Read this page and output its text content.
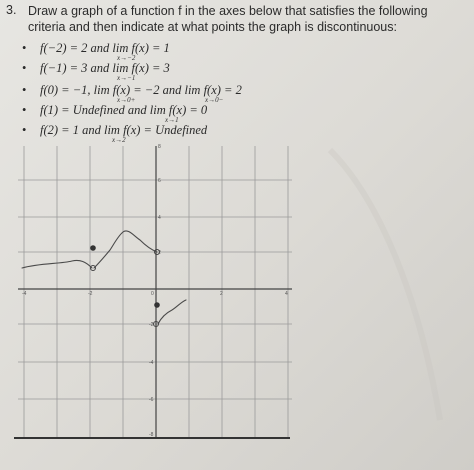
3. Draw a graph of a function f in the axes below that satisfies the following criteria and then indicate at what points the graph is discontinuous:
• f(−2) = 2 and lim f(x) = 1
x→−2
• f(−1) = 3 and lim f(x) = 3
x→−1
• f(0) = −1, lim f(x) = −2 and lim f(x) = 2
x→0+	x→0−
• f(1) = Undefined and lim f(x) = 0
x→1
• f(2) = 1 and lim f(x) = Undefined
x→2
-4	-2	0	2	4
8
6
4
2
-2
-4
-6
-8
